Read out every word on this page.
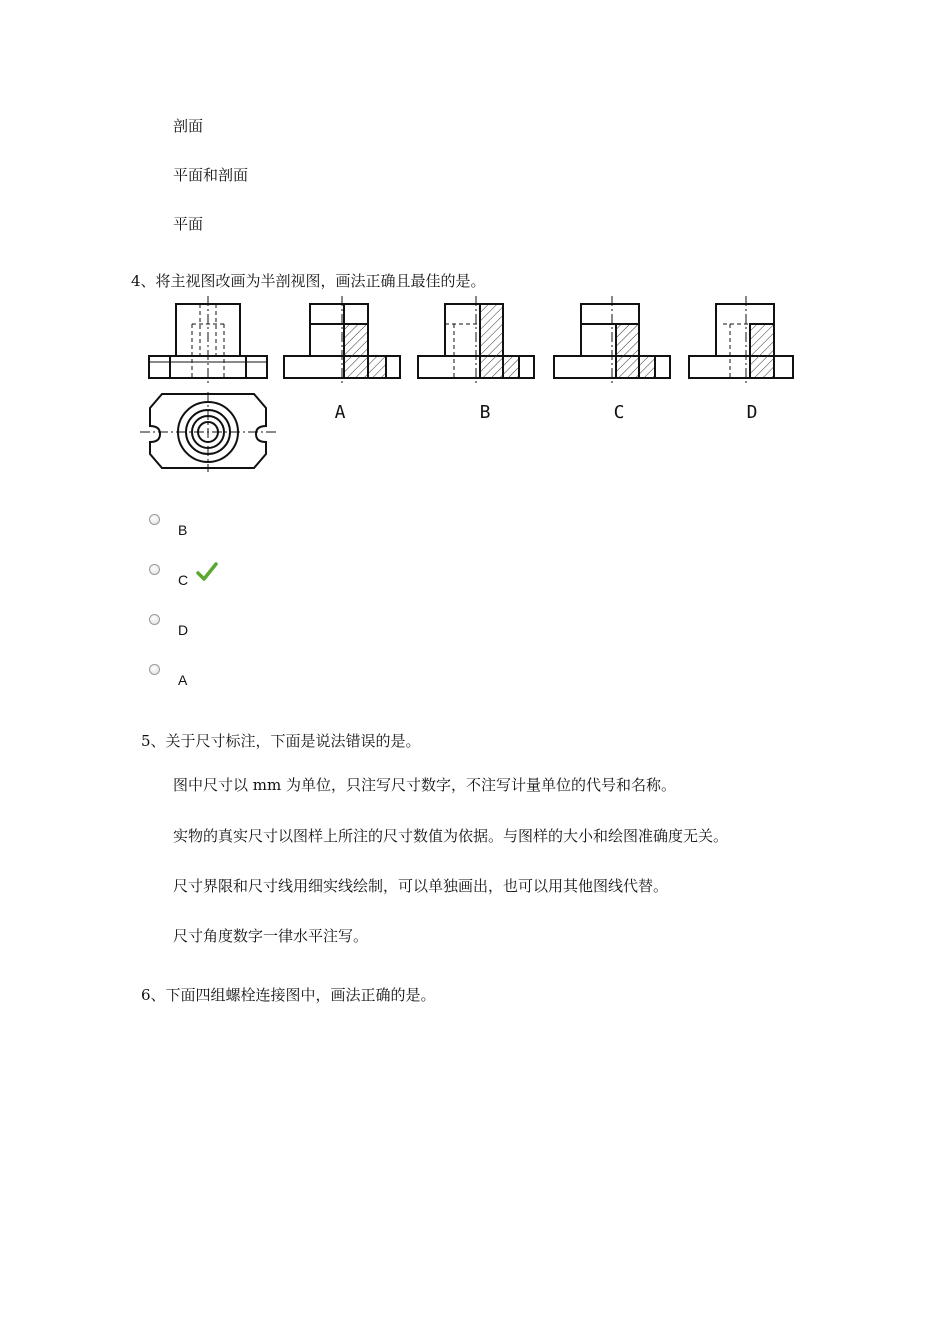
剖面
平面和剖面
平面
4、将主视图改画为半剖视图，画法正确且最佳的是。
A	B	C	D
B
C
D
A
5、关于尺寸标注，下面是说法错误的是。
图中尺寸以 mm 为单位，只注写尺寸数字，不注写计量单位的代号和名称。
实物的真实尺寸以图样上所注的尺寸数值为依据。与图样的大小和绘图准确度无关。
尺寸界限和尺寸线用细实线绘制，可以单独画出，也可以用其他图线代替。
尺寸角度数字一律水平注写。
6、下面四组螺栓连接图中，画法正确的是。
